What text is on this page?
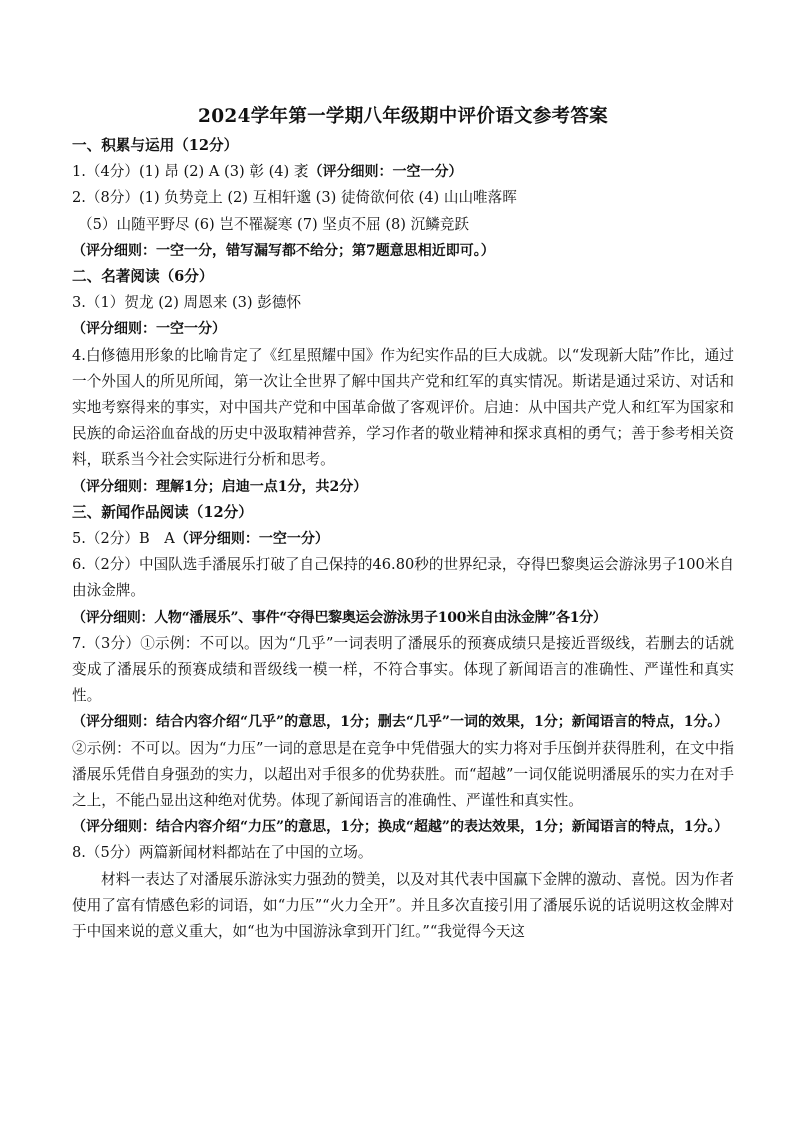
2024学年第一学期八年级期中评价语文参考答案

一、积累与运用（12分）

1.（4分）(1) 昂 (2) A (3) 彰 (4) 袤

（评分细则：一空一分）

2.（8分）(1) 负势竞上 (2) 互相轩邈 (3) 徒倚欲何依 (4) 山山唯落晖

（5）山随平野尽 (6) 岂不罹凝寒 (7) 坚贞不屈 (8) 沉鳞竞跃

（评分细则：一空一分，错写漏写都不给分；第7题意思相近即可。）

二、名著阅读（6分）

3.（1）贺龙 (2) 周恩来 (3) 彭德怀

（评分细则：一空一分）

4.白修德用形象的比喻肯定了《红星照耀中国》作为纪实作品的巨大成就。以“发现新大陆”作比，通过一个外国人的所见所闻，第一次让全世界了解中国共产党和红军的真实情况。斯诺是通过采访、对话和实地考察得来的事实，对中国共产党和中国革命做了客观评价。启迪：从中国共产党人和红军为国家和民族的命运浴血奋战的历史中汲取精神营养，学习作者的敬业精神和探求真相的勇气；善于参考相关资料，联系当今社会实际进行分析和思考。

（评分细则：理解1分；启迪一点1分，共2分）

三、新闻作品阅读（12分）

5.（2分）B　A

（评分细则：一空一分）

6.（2分）中国队选手潘展乐打破了自己保持的46.80秒的世界纪录，夺得巴黎奥运会游泳男子100米自由泳金牌。

（评分细则：人物“潘展乐”、事件“夺得巴黎奥运会游泳男子100米自由泳金牌”各1分）

7.（3分）①示例：不可以。因为“几乎”一词表明了潘展乐的预赛成绩只是接近晋级线，若删去的话就变成了潘展乐的预赛成绩和晋级线一模一样，不符合事实。体现了新闻语言的准确性、严谨性和真实性。

（评分细则：结合内容介绍“几乎”的意思，1分；删去“几乎”一词的效果，1分；新闻语言的特点，1分。）

②示例：不可以。因为“力压”一词的意思是在竞争中凭借强大的实力将对手压倒并获得胜利，在文中指潘展乐凭借自身强劲的实力，以超出对手很多的优势获胜。而“超越”一词仅能说明潘展乐的实力在对手之上，不能凸显出这种绝对优势。体现了新闻语言的准确性、严谨性和真实性。

（评分细则：结合内容介绍“力压”的意思，1分；换成“超越”的表达效果，1分；新闻语言的特点，1分。）

8.（5分）两篇新闻材料都站在了中国的立场。

材料一表达了对潘展乐游泳实力强劲的赞美，以及对其代表中国赢下金牌的激动、喜悦。因为作者使用了富有情感色彩的词语，如“力压”“火力全开”。并且多次直接引用了潘展乐说的话说明这枚金牌对于中国来说的意义重大，如“也为中国游泳拿到开门红。”“我觉得今天这
